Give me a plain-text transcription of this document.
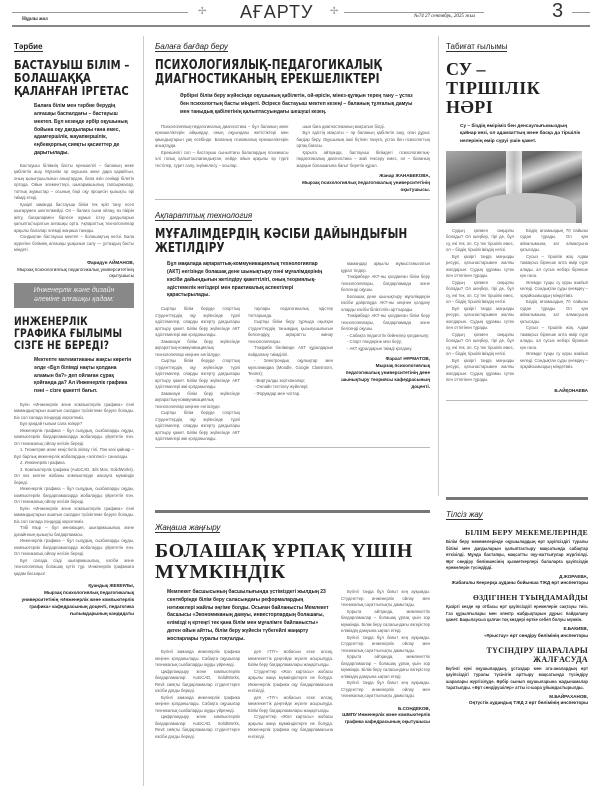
✢ АҒАРТУ ✢
Нұрлы жол
№74 27 сентябрь, 2025 жыл	3
Тәрбие
БАСТАУЫШ БІЛІМ – БОЛАШАҚҚА ҚАЛАНҒАН ІРГЕТАС
Балаға білім мен тәрбие берудің алғашқы баспалдағы – бастауыш мектеп. Бұл кезеңде әрбір оқушының бойына оқу дағдылары ғана емес, адамгершілік, жауапкершілік, еңбекқорлық сияқты қасиеттер де дарытылады.

Бастауыш білімнің басты ерекшелігі – баланың жеке қабілетін ашу. Мұғалім әр оқушыға жеке дара қарайтын, оның қызығушылығын анықтаудан, бала өзін сенімді білетін ортада. Ойын элементтері, шығармашылық тапсырмалар, топтық жұмыстар – осының бәрі оқу процесін қызықты әрі тиімді етеді.

Қазіргі заманда бастауыш білім тек әріп тану, есеп шығарумен шектелмейді. Ол – балаға сыни ойлау, өз пікірін айту, басқалармен бірлесе жұмыс істеу дағдыларын қалыптастыратын алғашқы орта. Ақпараттық технологиялар арқылы балалар әлемді жаңаша таниды.

Сондықтан бастауыш мектеп – болашақтың негізі. Бала жүрегіне білімнің алғашқы ұшқынын салу — ұстаздың басты міндеті.

Фаридун АЙМАНОВ,
Мырзақ психологиялық педагогикалық университетінің оқытушысы
Инженерлік және дизайн әлеміне алғашқы қадам:
ИНЖЕНЕРЛІК ГРАФИКА ҒЫЛЫМЫ СІЗГЕ НЕ БЕРЕДІ?
Мектепте математиканы жақсы көретін әлде «Бұл білімді нақты қолдана аламын ба?» деп ойлаған сұрақ қойғанда да? Ал Инженерлік графика пәні – сізге қажетті бағыт.

Бүгін «Инженерлік және компьютерлік графика» пәні мамандықтарын ашатын саладан түсініктеме беруге болады. Біз сол салада пәндерді көрсетеміз.

Бұл қандай ғылым сала өзінде?

Инженерлік графика – бұл сызудың, сызбаларды оқуды, компьютерлік бағдарламаларда жобалауды үйрететін пән. Ол техникалық ойлау негізін береді.

1. Геометрия және кеңістіктік ойлау тілі. Пән көзі қайнар – Бұл барлық инженерлік жобалардың «әліппесі» саналады.

2. Инженерлік графика.

3. Компьютерлік графика (AutoCAD, 3ds Max, SolidWorks). Ол кез келген жобаны компьютерде жасауға мүмкіндік береді.

Инженерлік графика – бұл сызудың, сызбаларды оқуды, компьютерлік бағдарламаларда жобалауды үйрететін пән. Ол техникалық ойлау негізін береді.

Бүгін «Инженерлік және компьютерлік графика» пәні мамандықтарын ашатын саладан түсініктеме беруге болады. Біз сол салада пәндерді көрсетеміз.

Тәбі Мыр – бұл инновация, шығармашылық және дизайнның қызықты бағдарламасы.

Инженерлік графика – бұл сызудың, сызбаларды оқуды, компьютерлік бағдарламаларда жобалауды үйрететін пән. Ол техникалық ойлау негізін береді.

Бұл салада сізді шығармашылық, кәсіби және технологиялық болашақ күтіп тұр. Инженерлік графикаға қадам басыңыз!

Қуандық ЖЕКЕҰЛЫ,
Мырзақ психологиялық педагогикалық университетінің «Инженерлік және компьютерлік графика» кафедрасының доценті, педагогика ғылымдарының кандидаты
Балаға бағдар беру
ПСИХОЛОГИЯЛЫҚ-ПЕДАГОГИКАЛЫҚ ДИАГНОСТИКАНЫҢ ЕРЕКШЕЛІКТЕРІ
Әрбіреі білім беру жүйесінде оқушының қабілетін, ой-өрісін, мінез-құлқын терең тану – ұстаз бен психологтың басты міндеті. Әсіресе бастауыш мектеп кезеңі – баланың тұлғалық дамуы мен таныдық қабілетінің қалыптасуындағы шешуші кезең.

Психологиялық-педагогикалық диагностика – бұл баланың жеке ерекшеліктерін айқындау, оның оқуындағы жетістіктері мен қиындықтарын ұақ есебінде. Баланың психикалық ерекшеліктерін анықтауда.

Ерекшелігі сол – бастауыш сыныптағы балалардың психикасы әлі толық қалыптаспағандықтан, кейде ойын арқылы әр түрлі тестілер, сурет салу, әңгімелесу – осылар.

шын баға диагностиканың мақсатын білді.

Бұл әдістің мақсаты – әр баланың қабілетін ашу, оған дұрыс бағдар беру. Оқушының ішкі бүтінін тануға, ұстаз бен психологтың ортақ бағасы.

Қорыта айтқанда, бастауыш білімдегі психологиялық-педагогикалық диагностика – жай тексеру емес, ол – баланың жарқын болашағына бағыт беретін құрал.

Жанар ЖАНАБЕКОВА,
Мырзақ психологиялық педагогикалық университетінің оқытушысы.
Ақпараттық технология
МҰҒАЛІМДЕРДІҢ КӘСІБИ ДАЙЫНДЫҒЫН ЖЕТІЛДІРУ
Бұл мақалада ақпараттық-коммуникациялық технологиялар (АКТ) негізінде болашақ дене шынықтыру пәні мұғалімдерінің кәсіби дайындығын жетілдіру қажеттілігі, оның теориялық-әдістемелік негіздері мен практикалық аспектілері қарастырылады.

Сыртқы білім беруде спорттық студенттердің оқу жүйесінде түрлі әдістемелер, оларды өзгерту дағдылары арттыру қажет. Білім беру жүйесінде АКТ әдістемелері жиі қолданылады.

Заманауи білім беру жүйесінде ақпараттық-коммуникациялық технологиялар кеңінен енгізілуде.

Сыртқы білім беруде спорттық студенттердің оқу жүйесінде түрлі әдістемелер, оларды өзгерту дағдылары арттыру қажет. Білім беру жүйесінде АКТ әдістемелері жиі қолданылады.

Заманауи білім беру жүйесінде ақпараттық-коммуникациялық технологиялар кеңінен енгізілуде.

Сыртқы білім беруде спорттық студенттердің оқу жүйесінде түрлі әдістемелер, оларды өзгерту дағдылары арттыру қажет. Білім беру жүйесінде АКТ әдістемелері жиі қолданылады.

таулары педагогикалық әдістер топтарында.

Сыртқы білім беру тұрғыда оқытқан студенттердің танымдық қызығушылығын белсендіру, ақпаратты жинау технологиялары.

Тәжірибе бөлімінде АКТ құралдарын пайдалану тиімділігі.

- Электрондық оқулықтар мен мультимедиа (Moodle, Google Classroom, Teams);

- Виртуалды зертханалар;

- Онлайн тестілеу жүйелері;

- Форумдар мен чаттар.

мамандар арқылы жұмыстанылатын құрал тілдер.

Тәжірибеде АКТ-ны қолданған білім беру технологиялары, бағдарламада және белсенді оқушы.

Болашақ дене шынықтыру мұғалімдерін кәсіби даярлауда АКТ-ны кеңінен қолдану оларды кәсіби біліктілігін арттырады.

Тәжірибеде АКТ-ны қолданған білім беру технологиялары, бағдарламада және белсенді оқушы.

- Сабақта педагогтік бейнелер қолданылу;

- Спорт пәндеріне мән беру;

- АКТ құралдарын тиімді қолдану.

Фархат НҰРМАТОВ,
Мырзақ психологиялық педагогикалық университетінің дене шынықтыру теориясы кафедрасының доценті.
Жаңаша жаңғыру
БОЛАШАҚ ҰРПАҚ ҮШІН МҮМКІНДІК
Мемлекет басшысының басшылығында үстіміздегі жылдың 23 сентябрінде білім беру саласындағы реформалардың нәтижелері жайлы әңгіме болды. Осыған байланысты Мемлекет басшысы «Экономиканың дамуы, инвесторлардың болашағы, елімізді ң ертеңгі тек қана білім мен мұғалімге байланысты» деген ойын айтты, білім беру жүйесін түбегейлі жаңарту жоспарлары туралы тоқталды.

Бүгінгі заманда инженерлік графика кеңінен қолданылады. Сабақта оқушылар техникалық сызбаларды оқуды үйренеді.

Цифрландыру және компьютерлік бағдарламалар: AutoCAD, SolidWorks, Revit сияқты бағдарламалар студенттерге кәсіби дағды береді.

Бүгінгі заманда инженерлік графика кеңінен қолданылады. Сабақта оқушылар техникалық сызбаларды оқуды үйренеді.

Цифрландыру және компьютерлік бағдарламалар: AutoCAD, SolidWorks, Revit сияқты бағдарламалар студенттерге кәсіби дағды береді.

деп «TIY» жобасын еске алсақ, мемлекеттік деңгейде жүзеге асырылуда. Білім беру бағдарламалары жаңартылды.

Студенттер «Жол картасы» жобасы арқылы жаңа мүмкіндіктерге ие болуда. Инженерлік графика оқу бағдарламасына енгізілді.

деп «TIY» жобасын еске алсақ, мемлекеттік деңгейде жүзеге асырылуда. Білім беру бағдарламалары жаңартылды.

Студенттер «Жол картасы» жобасы арқылы жаңа мүмкіндіктерге ие болуда. Инженерлік графика оқу бағдарламасына енгізілді.

Бүгінгі таңда бұл бағыт кең ауқымды. Студенттер инженерлік ойлау мен техникалық сауаттылықты дамытады.

Қорыта айтқанда, мемлекеттік бағдарламалар – болашақ ұрпақ үшін зор мүмкіндік. Білім беру саласындағы өзгерістер еліміздің дамуына ықпал етеді.

Бүгінгі таңда бұл бағыт кең ауқымды. Студенттер инженерлік ойлау мен техникалық сауаттылықты дамытады.

Қорыта айтқанда, мемлекеттік бағдарламалар – болашақ ұрпақ үшін зор мүмкіндік. Білім беру саласындағы өзгерістер еліміздің дамуына ықпал етеді.

Бүгінгі таңда бұл бағыт кең ауқымды. Студенттер инженерлік ойлау мен техникалық сауаттылықты дамытады.

Б.СОНДЕКОВ,
ШМПУ Инженерлік және компьютерлік графика кафедрасының оқытушысы
Табиғат ғылымы
СУ –
ТІРШІЛІК НӘРІ
Су – біздің өміріміз бен денсаулығымыздың қайнар көзі, ол адамзаттың және басқа да тіршілік иелерінің өмір сүруі үшін қажет.

Судың қолмен сиқырлы болады? Ол шеңбер, тірі де, бұл су, екі тек, ол. Су тек тіршілік емес, ол – біздің тіршілігіміздің негізі.

Бұл қазіргі таңда маңызды ресурс, қатынастарымен жалпы жолдарын. Судың құрамы сутек пен оттегінен тұрады.

Судың қолмен сиқырлы болады? Ол шеңбер, тірі де, бұл су, екі тек, ол. Су тек тіршілік емес, ол – біздің тіршілігіміздің негізі.

Бұл қазіргі таңда маңызды ресурс, қатынастарымен жалпы жолдарын. Судың құрамы сутек пен оттегінен тұрады.

Судың қолмен сиқырлы болады? Ол шеңбер, тірі де, бұл су, екі тек, ол. Су тек тіршілік емес, ол – біздің тіршілігіміздің негізі.

Бұл қазіргі таңда маңызды ресурс, қатынастарымен жалпы жолдарын. Судың құрамы сутек пен оттегінен тұрады.

Біздің ағзамыздың 70 пайызы судан тұрады. Ол қан айналымына, зат алмасуына қатысады.

Сусыз – тіршілік жоқ. Адам тамақсыз бірнеше апта өмір сүре алады, ал сусыз небәрі бірнеше күн ғана.

Әлемде тұщы су қоры азайып келеді. Сондықтан суды үнемдеу – әрқайсымыздың міндетіміз.

Біздің ағзамыздың 70 пайызы судан тұрады. Ол қан айналымына, зат алмасуына қатысады.

Сусыз – тіршілік жоқ. Адам тамақсыз бірнеше апта өмір сүре алады, ал сусыз небәрі бірнеше күн ғана.

Әлемде тұщы су қоры азайып келеді. Сондықтан суды үнемдеу – әрқайсымыздың міндетіміз.

Б.АЙҚОНАЕВА
Тілсіз жау
БІЛІМ БЕРУ МЕКЕМЕЛЕРІНДЕ
Білім беру мекемелерінде оқушылардың өрт қауіпсіздігі туралы білімі мен дағдыларын қалыптастыру мақсатында сабақтар өткізілді. Мұнда бастапқы, мақсатты оқу-жаттығулар жүргізілді. Өрт сөндіру бөлімшесінің қызметкерлері балаларға қауіпсіздік ережелерін түсіндірді.
Д.ЖОРАЕВА,
Жабағалы Кеңсерқа ауданы бойынша ТЖД өрт инспекторы
ӨЗДІГІНЕН ТҰЫҢДАМАЙДЫ
Қазіргі кезде әр отбасы өрт қауіпсіздігі ережелерін сақтауы тиіс. Газ құрылғылары мен электр жабдықтарын дұрыс пайдалану қажет. Бақылаусыз қалған тоқ көздері өртке себеп болуы мүмкін.
Е.БАКИЕВ,
«Ұрыстау» өрт сөндіру бөлімінің инспекторы
ТҮСІНДІРУ ШАРАЛАРЫ ЖАЛҒАСУДА
Бүгінгі күні оқушылардың, ұстаздар мен ата-аналардың өрт қауіпсіздігі туралы түсінігін арттыру мақсатында түсіндіру шаралары жүргізілуде. Әрбір сынып оқушыларына жадынамалар таратылды. «Өрт сөндірушілер» атты іс-шара ұйымдастырылды.
М.БАЙРАХАНОВ,
Оңтүстік аудандық ТЖД 2 өрт бөлімінің инспекторы
